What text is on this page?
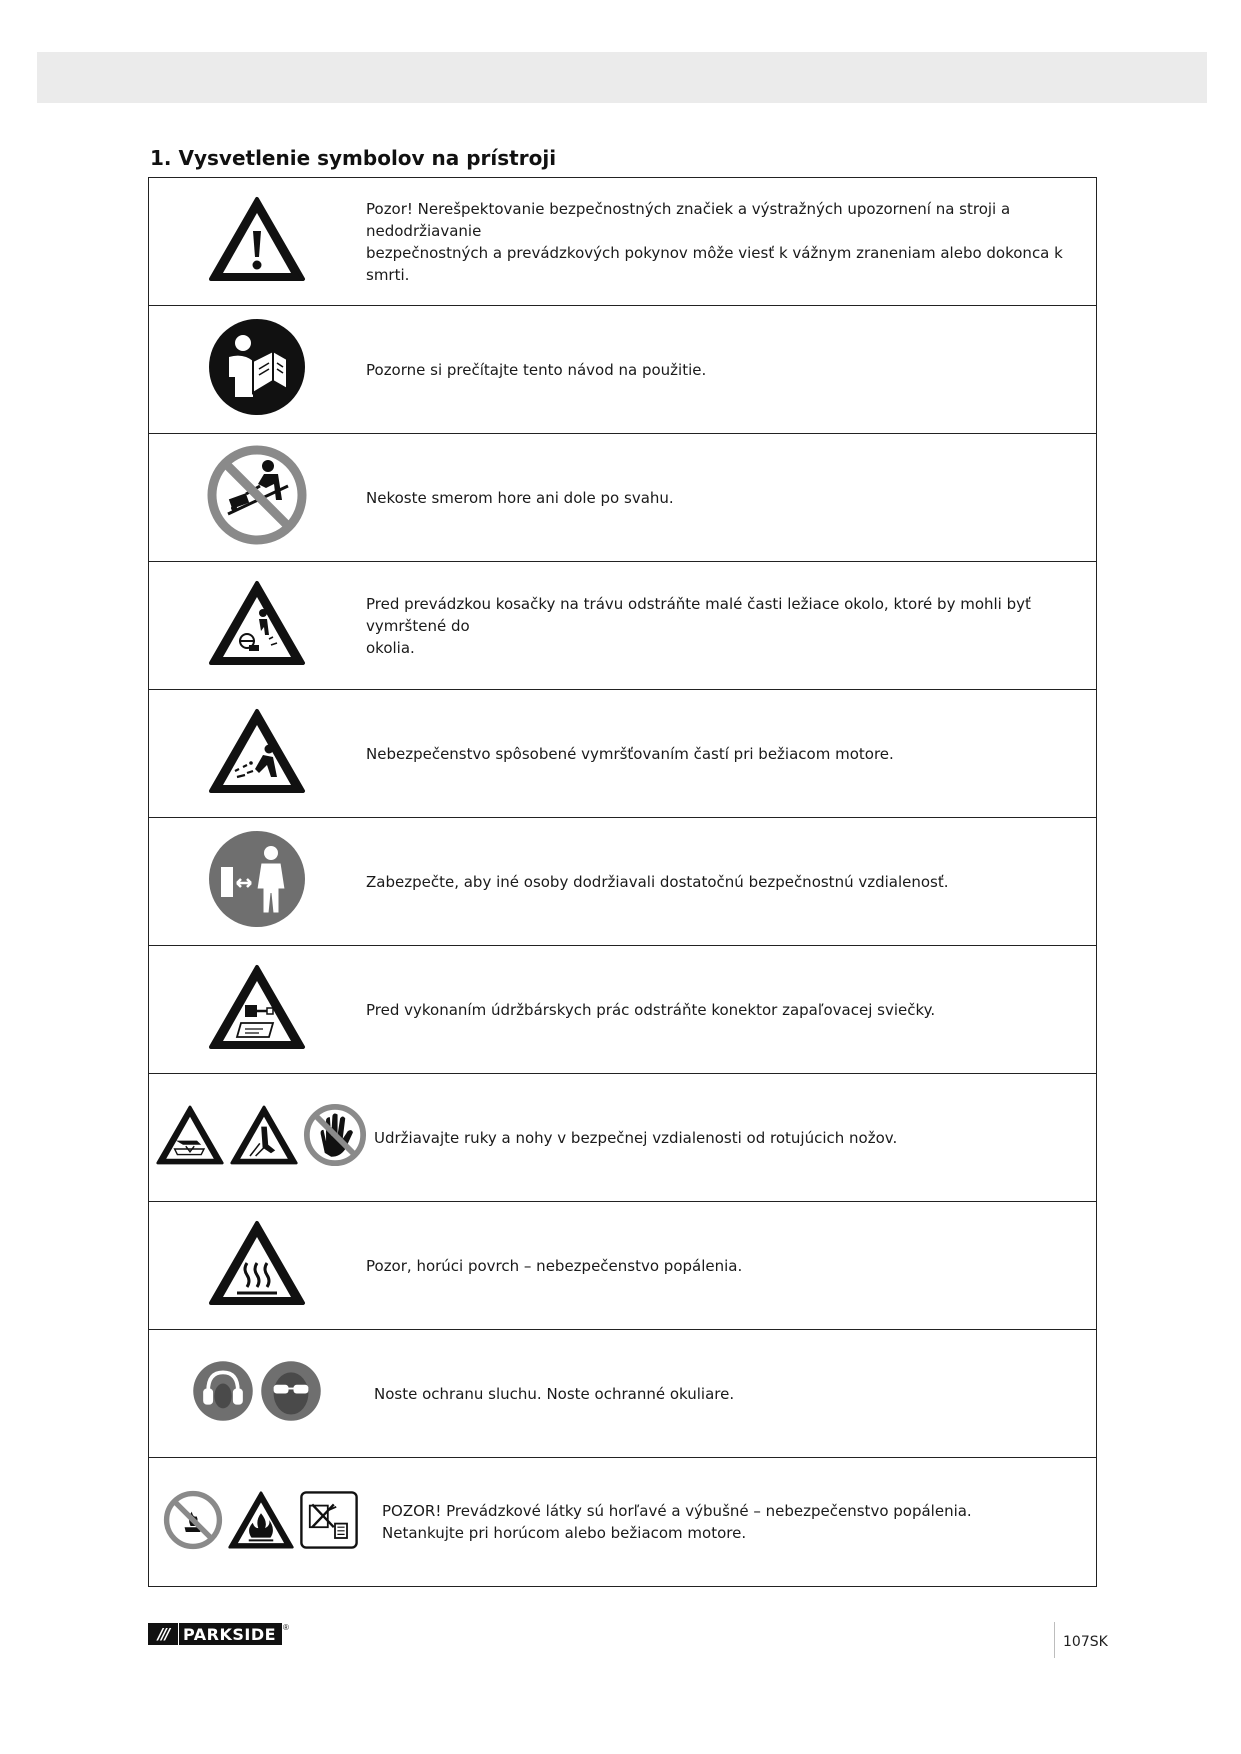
1. Vysvetlenie symbolov na prístroji
Pozor! Nerešpektovanie bezpečnostných značiek a výstražných upozornení na stroji a nedodržiavanie
bezpečnostných a prevádzkových pokynov môže viesť k vážnym zraneniam alebo dokonca k smrti.
Pozorne si prečítajte tento návod na použitie.
Nekoste smerom hore ani dole po svahu.
Pred prevádzkou kosačky na trávu odstráňte malé časti ležiace okolo, ktoré by mohli byť vymrštené do
okolia.
Nebezpečenstvo spôsobené vymršťovaním častí pri bežiacom motore.
Zabezpečte, aby iné osoby dodržiavali dostatočnú bezpečnostnú vzdialenosť.
Pred vykonaním údržbárskych prác odstráňte konektor zapaľovacej sviečky.
Udržiavajte ruky a nohy v bezpečnej vzdialenosti od rotujúcich nožov.
Pozor, horúci povrch – nebezpečenstvo popálenia.
Noste ochranu sluchu. Noste ochranné okuliare.
POZOR! Prevádzkové látky sú horľavé a výbušné – nebezpečenstvo popálenia.
Netankujte pri horúcom alebo bežiacom motore.
/// PARKSIDE ®
107SK
